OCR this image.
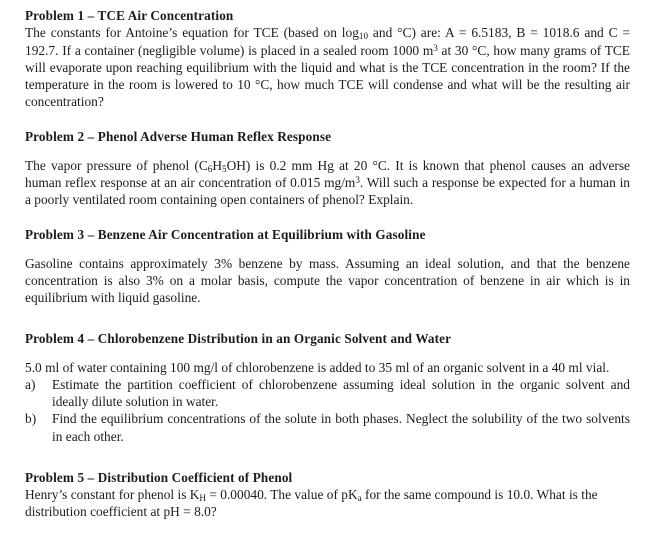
Problem 1 – TCE Air Concentration

The constants for Antoine’s equation for TCE (based on $\log_{10}$ and °C) are: A = 6.5183, B = 1018.6 and C = 192.7. If a container (negligible volume) is placed in a sealed room 1000 $m^3$ at 30 °C, how many grams of TCE will evaporate upon reaching equilibrium with the liquid and what is the TCE concentration in the room? If the temperature in the room is lowered to 10 °C, how much TCE will condense and what will be the resulting air concentration?

Problem 2 – Phenol Adverse Human Reflex Response

The vapor pressure of phenol $(C_6H_5OH)$ is 0.2 mm Hg at 20 °C. It is known that phenol causes an adverse human reflex response at an air concentration of 0.015 $mg/m^3$. Will such a response be expected for a human in a poorly ventilated room containing open containers of phenol? Explain.

Problem 3 – Benzene Air Concentration at Equilibrium with Gasoline

Gasoline contains approximately 3% benzene by mass. Assuming an ideal solution, and that the benzene concentration is also 3% on a molar basis, compute the vapor concentration of benzene in air which is in equilibrium with liquid gasoline.

Problem 4 – Chlorobenzene Distribution in an Organic Solvent and Water

5.0 ml of water containing 100 mg/l of chlorobenzene is added to 35 ml of an organic solvent in a 40 ml vial.

a)	Estimate the partition coefficient of chlorobenzene assuming ideal solution in the organic solvent and ideally dilute solution in water.
b)	Find the equilibrium concentrations of the solute in both phases. Neglect the solubility of the two solvents in each other.

Problem 5 – Distribution Coefficient of Phenol

Henry’s constant for phenol is $K_H = 0.00040$. The value of $pK_a$ for the same compound is 10.0. What is the distribution coefficient at pH = 8.0?
